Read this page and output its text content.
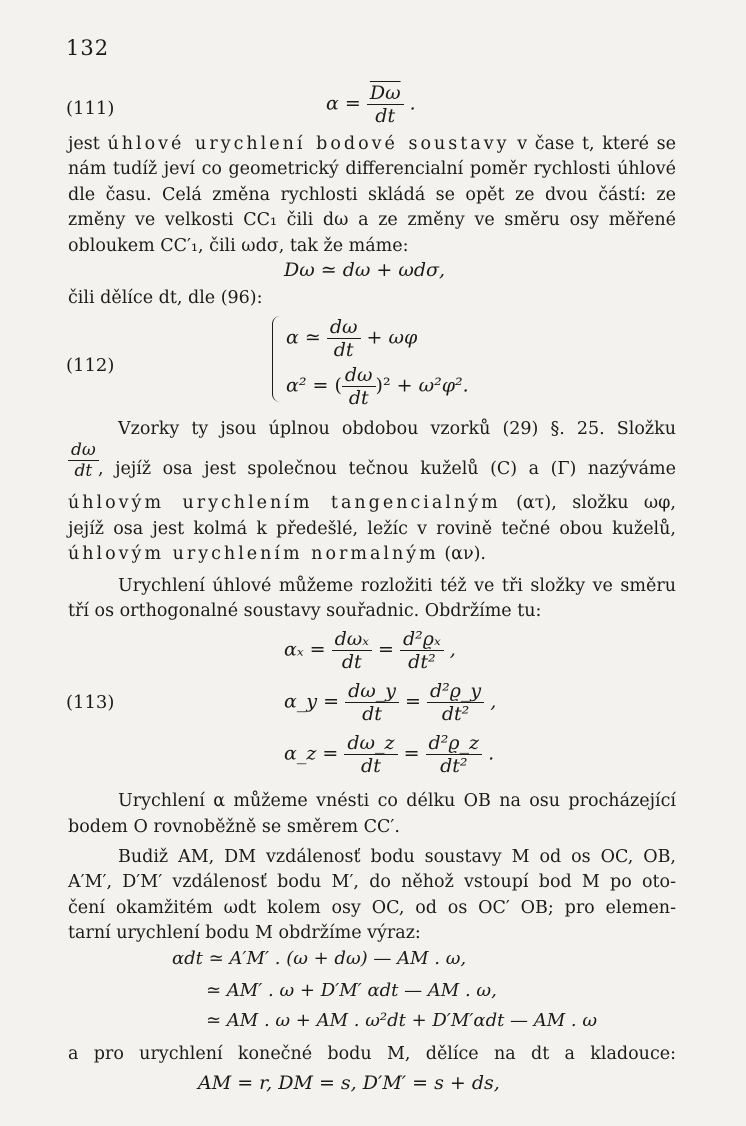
132
(111)	$\alpha = \frac{\overline{D\omega}}{dt}$ .
jest úhlové urychlení bodové soustavy v čase t, které se
nám tudíž jeví co geometrický differencialní poměr rychlosti úhlové
dle času. Celá změna rychlosti skládá se opět ze dvou částí: ze
změny ve velkosti CC₁ čili dω a ze změny ve směru osy měřené
obloukem CC′₁, čili ωdσ, tak že máme:
Dω ≃ dω + ωdσ,
čili dělíce dt, dle (96):
(112)
α ≃ $\frac{d\omega}{dt} + \omega\varphi$
α² = ( $\frac{d\omega}{dt} )^2 + \omega^2\varphi^2$.
Vzorky ty jsou úplnou obdobou vzorků (29) §. 25. Složku
$\frac{d\omega}{dt}$ , jejíž osa jest společnou tečnou kuželů (C) a (Γ) nazýváme
úhlovým urychlením tangencialným (ατ), složku ωφ,
jejíž osa jest kolmá k předešlé, ležíc v rovině tečné obou kuželů,
úhlovým urychlením normalným (αν).
Urychlení úhlové můžeme rozložiti též ve tři složky ve směru
tří os orthogonalné soustavy souřadnic. Obdržíme tu:
(113)
$\alpha_x = \frac{\text{dωₓ}}{dt} = \frac{\text{d²ϱₓ}}{\text{dt²}}$ ,
α_y = $\frac{d\omega\_y}{dt} = \frac{\text{d²ϱ\_y}}{\text{dt²}}$ ,
α_z = $\frac{d\omega\_z}{dt} = \frac{\text{d²ϱ\_z}}{\text{dt²}}$ .
Urychlení α můžeme vnésti co délku OB na osu procházející
bodem O rovnoběžně se směrem CC′.
Budiž AM, DM vzdálenosť bodu soustavy M od os OC, OB,
A′M′, D′M′ vzdálenosť bodu M′, do něhož vstoupí bod M po oto-
čení okamžitém ωdt kolem osy OC, od os OC′ OB; pro elemen-
tarní urychlení bodu M obdržíme výraz:
αdt ≃ A′M′ . (ω + dω) — AM . ω,
≃ AM′ . ω + D′M′ αdt — AM . ω,
≃ AM . ω + AM . ω²dt + D′M′αdt — AM . ω
a pro urychlení konečné bodu M, dělíce na dt a kladouce:
AM = r, DM = s, D′M′ = s + ds,
